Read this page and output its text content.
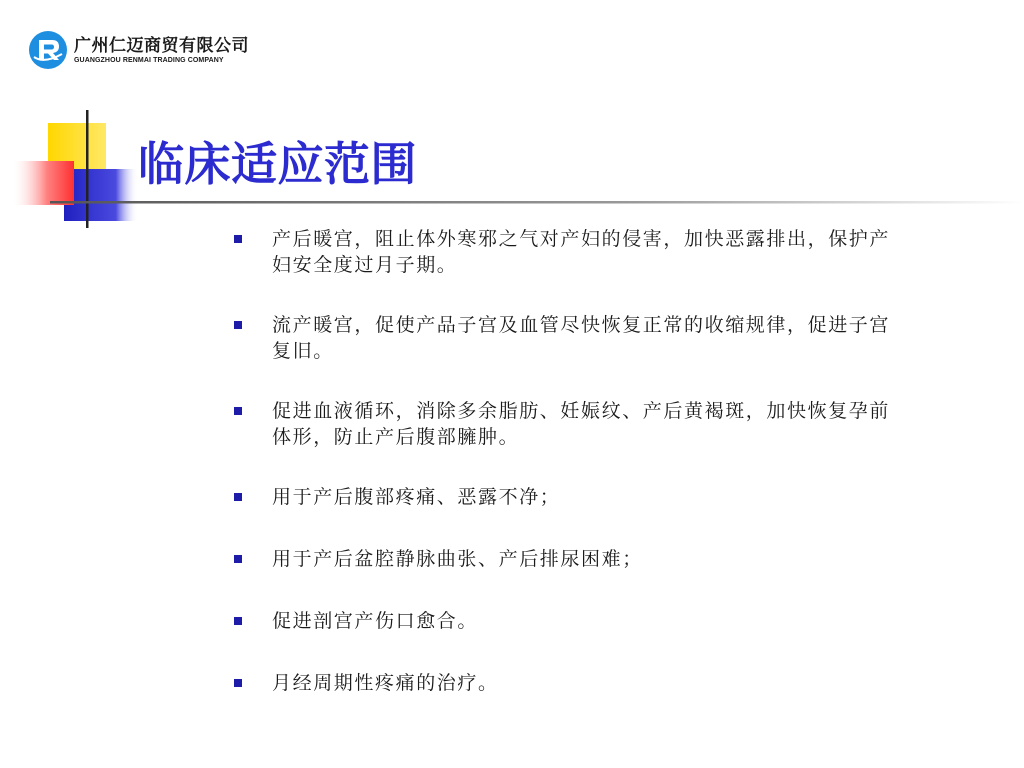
广州仁迈商贸有限公司
GUANGZHOU RENMAI TRADING COMPANY
临床适应范围
产后暖宫，阻止体外寒邪之气对产妇的侵害，加快恶露排出，保护产妇安全度过月子期。
流产暖宫，促使产品子宫及血管尽快恢复正常的收缩规律，促进子宫复旧。
促进血液循环，消除多余脂肪、妊娠纹、产后黄褐斑，加快恢复孕前体形，防止产后腹部臃肿。
用于产后腹部疼痛、恶露不净；
用于产后盆腔静脉曲张、产后排尿困难；
促进剖宫产伤口愈合。
月经周期性疼痛的治疗。
